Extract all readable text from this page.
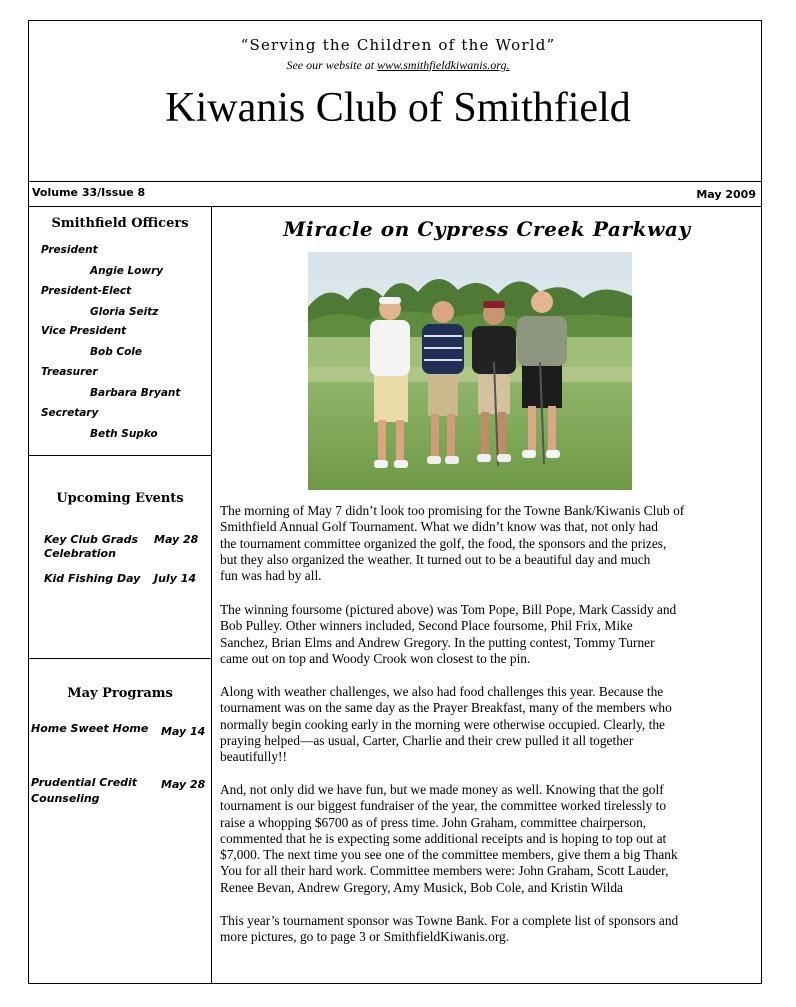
“Serving the Children of the World”
See our website at www.smithfieldkiwanis.org.
Kiwanis Club of Smithfield
Volume 33/Issue 8	May 2009
Smithfield Officers
President
Angie Lowry
President-Elect
Gloria Seitz
Vice President
Bob Cole
Treasurer
Barbara Bryant
Secretary
Beth Supko
Upcoming Events
Key Club Grads
Celebration
May 28
Kid Fishing Day July 14
May Programs
Home Sweet Home May 14
Prudential Credit
Counseling
May 28
Miracle on Cypress Creek Parkway
The morning of May 7 didn’t look too promising for the Towne Bank/Kiwanis Club of
Smithfield Annual Golf Tournament. What we didn’t know was that, not only had
the tournament committee organized the golf, the food, the sponsors and the prizes,
but they also organized the weather. It turned out to be a beautiful day and much
fun was had by all.
The winning foursome (pictured above) was Tom Pope, Bill Pope, Mark Cassidy and
Bob Pulley. Other winners included, Second Place foursome, Phil Frix, Mike
Sanchez, Brian Elms and Andrew Gregory. In the putting contest, Tommy Turner
came out on top and Woody Crook won closest to the pin.
Along with weather challenges, we also had food challenges this year. Because the
tournament was on the same day as the Prayer Breakfast, many of the members who
normally begin cooking early in the morning were otherwise occupied. Clearly, the
praying helped—as usual, Carter, Charlie and their crew pulled it all together
beautifully!!
And, not only did we have fun, but we made money as well. Knowing that the golf
tournament is our biggest fundraiser of the year, the committee worked tirelessly to
raise a whopping $6700 as of press time. John Graham, committee chairperson,
commented that he is expecting some additional receipts and is hoping to top out at
$7,000. The next time you see one of the committee members, give them a big Thank
You for all their hard work. Committee members were: John Graham, Scott Lauder,
Renee Bevan, Andrew Gregory, Amy Musick, Bob Cole, and Kristin Wilda
This year’s tournament sponsor was Towne Bank. For a complete list of sponsors and
more pictures, go to page 3 or SmithfieldKiwanis.org.
